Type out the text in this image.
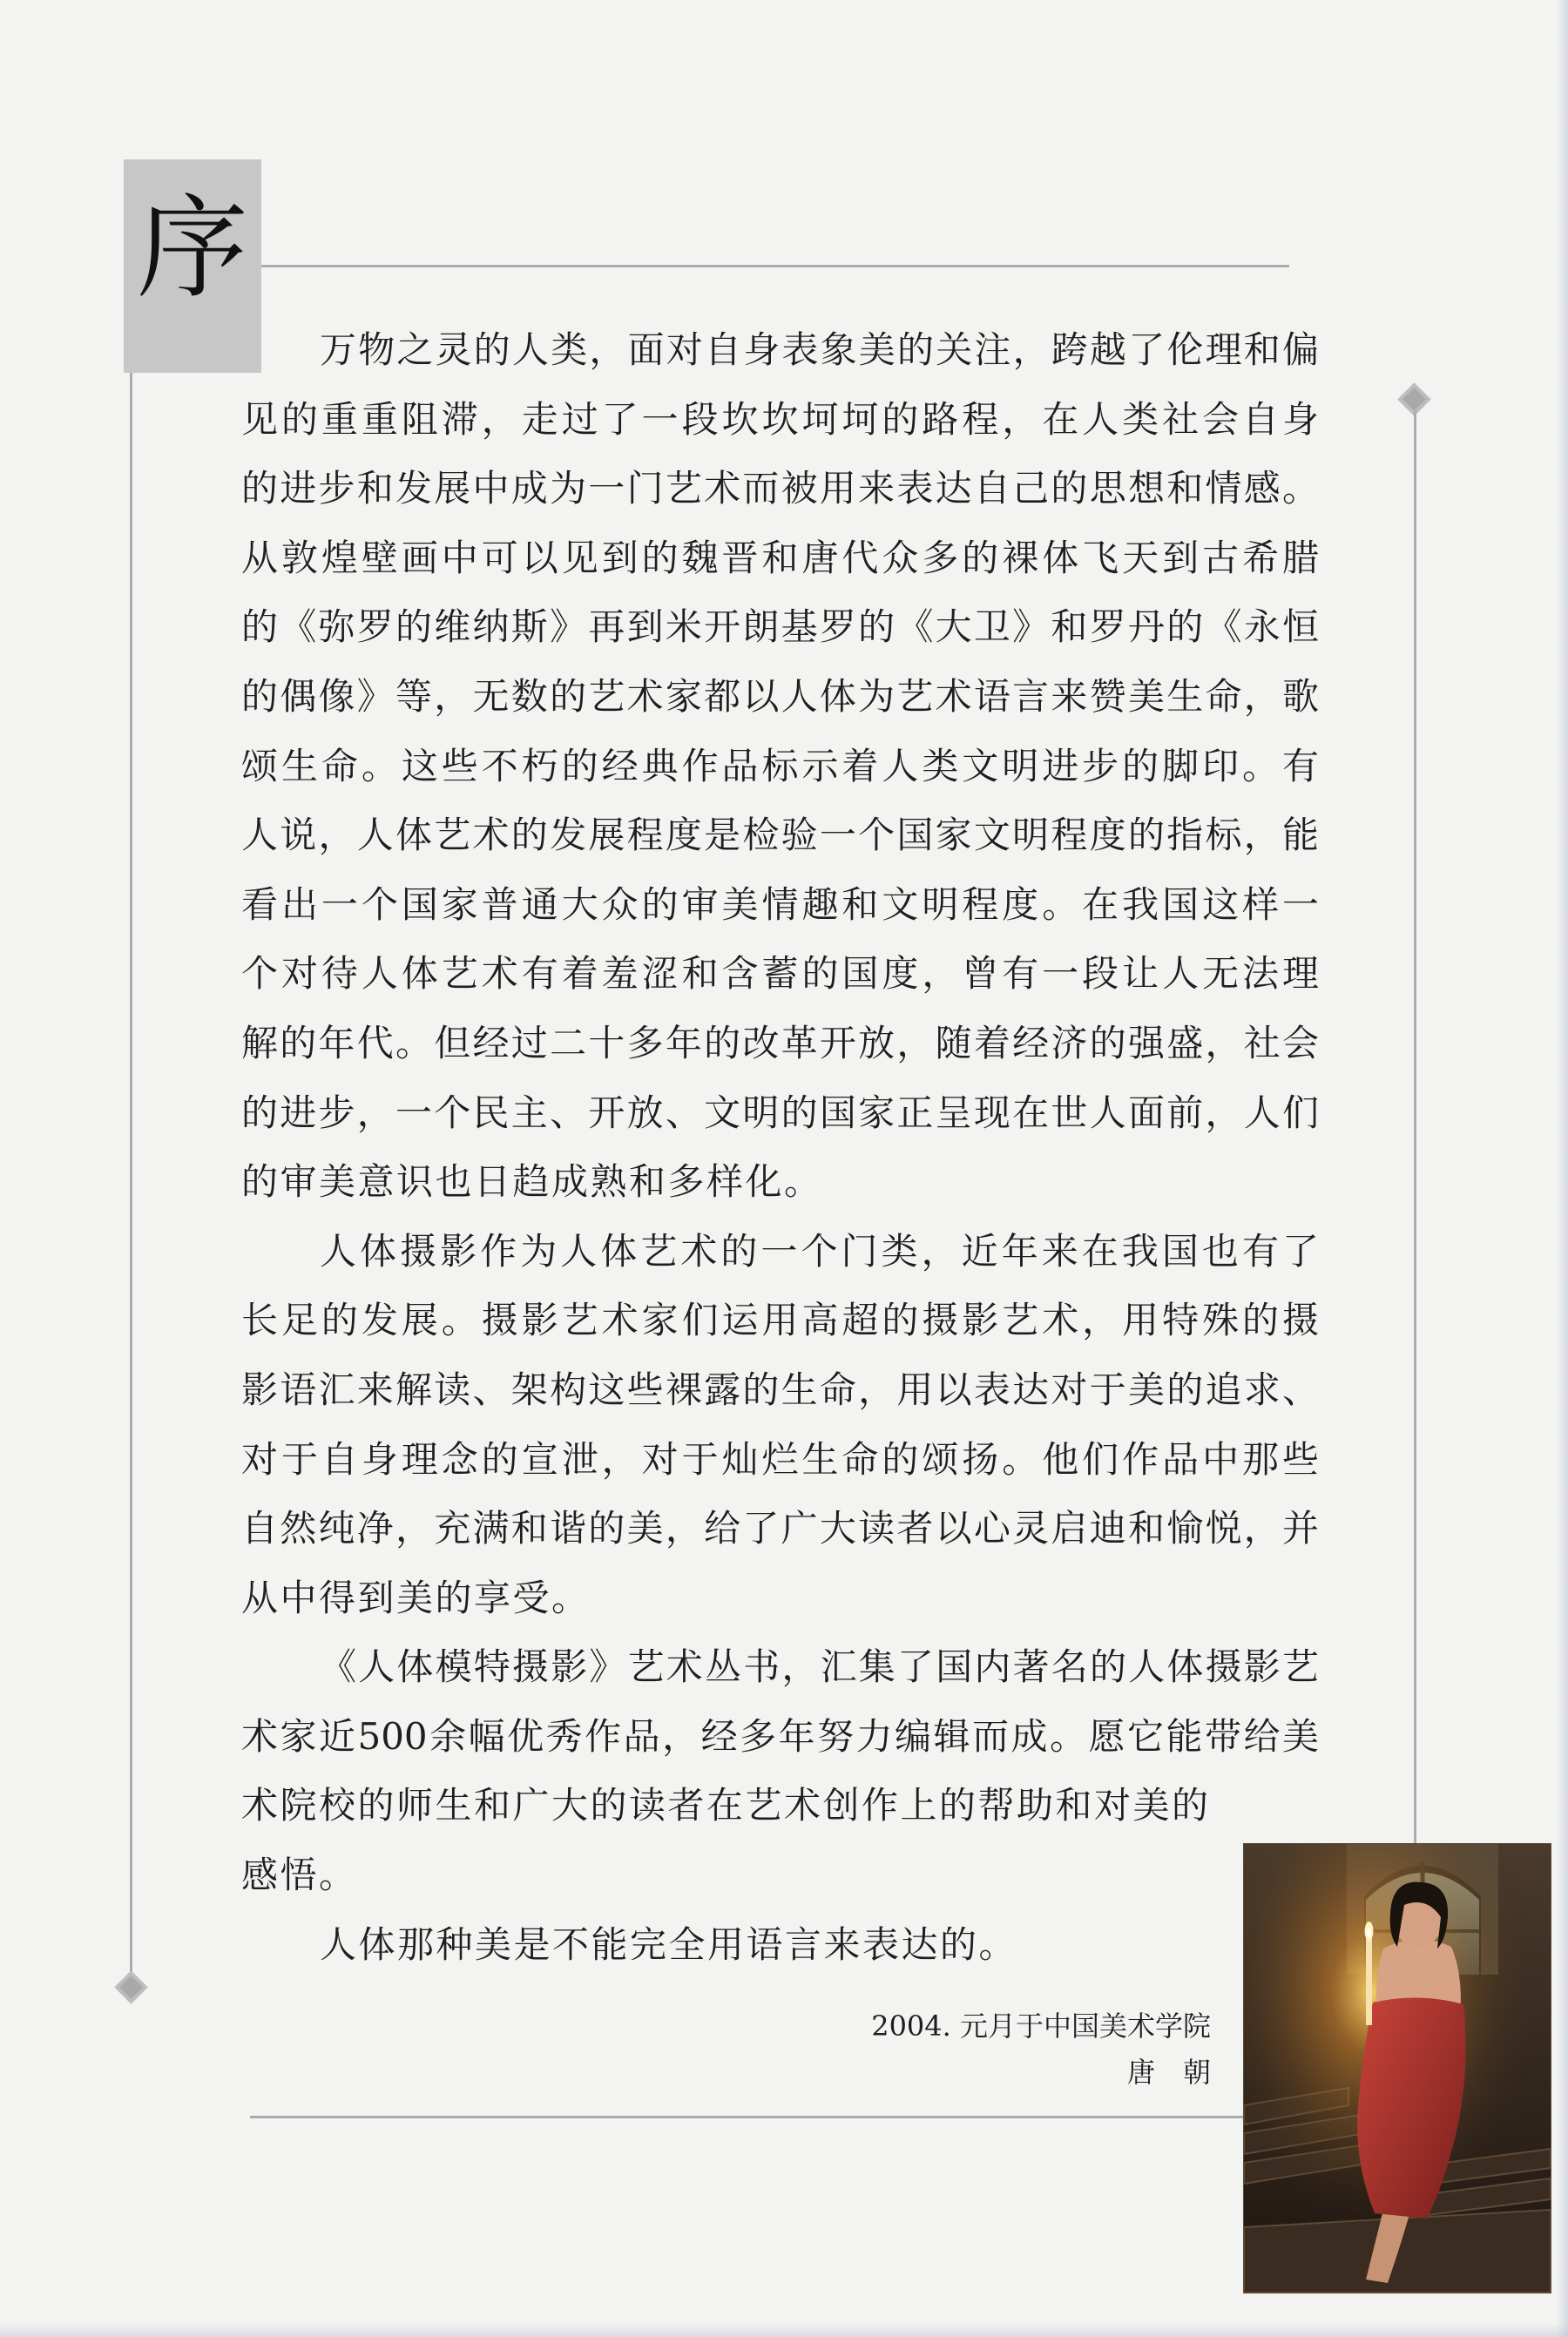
序
万物之灵的人类，面对自身表象美的关注，跨越了伦理和偏
见的重重阻滞，走过了一段坎坎坷坷的路程，在人类社会自身
的进步和发展中成为一门艺术而被用来表达自己的思想和情感。
从敦煌壁画中可以见到的魏晋和唐代众多的裸体飞天到古希腊
的《弥罗的维纳斯》再到米开朗基罗的《大卫》和罗丹的《永恒
的偶像》等，无数的艺术家都以人体为艺术语言来赞美生命，歌
颂生命。这些不朽的经典作品标示着人类文明进步的脚印。有
人说，人体艺术的发展程度是检验一个国家文明程度的指标，能
看出一个国家普通大众的审美情趣和文明程度。在我国这样一
个对待人体艺术有着羞涩和含蓄的国度，曾有一段让人无法理
解的年代。但经过二十多年的改革开放，随着经济的强盛，社会
的进步，一个民主、开放、文明的国家正呈现在世人面前，人们
的审美意识也日趋成熟和多样化。
人体摄影作为人体艺术的一个门类，近年来在我国也有了
长足的发展。摄影艺术家们运用高超的摄影艺术，用特殊的摄
影语汇来解读、架构这些裸露的生命，用以表达对于美的追求、
对于自身理念的宣泄，对于灿烂生命的颂扬。他们作品中那些
自然纯净，充满和谐的美，给了广大读者以心灵启迪和愉悦，并
从中得到美的享受。
《人体模特摄影》艺术丛书，汇集了国内著名的人体摄影艺
术家近500余幅优秀作品，经多年努力编辑而成。愿它能带给美
术院校的师生和广大的读者在艺术创作上的帮助和对美的
感悟。
人体那种美是不能完全用语言来表达的。
2004. 元月于中国美术学院
唐　朝
